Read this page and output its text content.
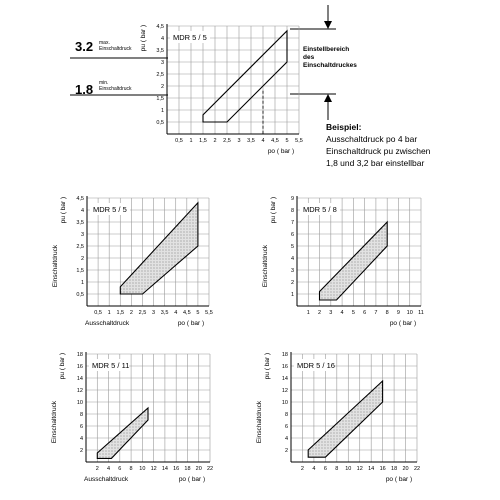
3.2 max. Einschaltdruck
1.8 min. Einschaltdruck
Einstellbereich des Einschaltdruckes
0,5 1 1,5 2 2,5 3 3,5 4 4,5 5 5,5
0,5
1
1,5
2
2,5
3
3,5
4
4,5
MDR 5 / 5
pu ( bar )
po ( bar )
0,5 1 1,5 2 2,5 3 3,5 4 4,5 5 5,5
0,5
1
1,5
2
2,5
3
3,5
4
4,5
MDR 5 / 5
pu ( bar )
po ( bar )
Einschaltdruck
Ausschaltdruck
1 2 3 4 5 6 7 8 9 10 11
1
2
3
4
5
6
7
8
9
MDR 5 / 8
pu ( bar )
po ( bar )
Einschaltdruck
2 4 6 8 10 12 14 16 18 20 22
2
4
6
8
10
12
14
16
18
MDR 5 / 11
pu ( bar )
po ( bar )
Einschaltdruck
Ausschaltdruck
2 4 6 8 10 12 14 16 18 20 22
2
4
6
8
10
12
14
16
18
MDR 5 / 16
pu ( bar )
po ( bar )
Einschaltdruck
Beispiel:
Ausschaltdruck po 4 bar
Einschaltdruck pu zwischen
1,8 und 3,2 bar einstellbar
